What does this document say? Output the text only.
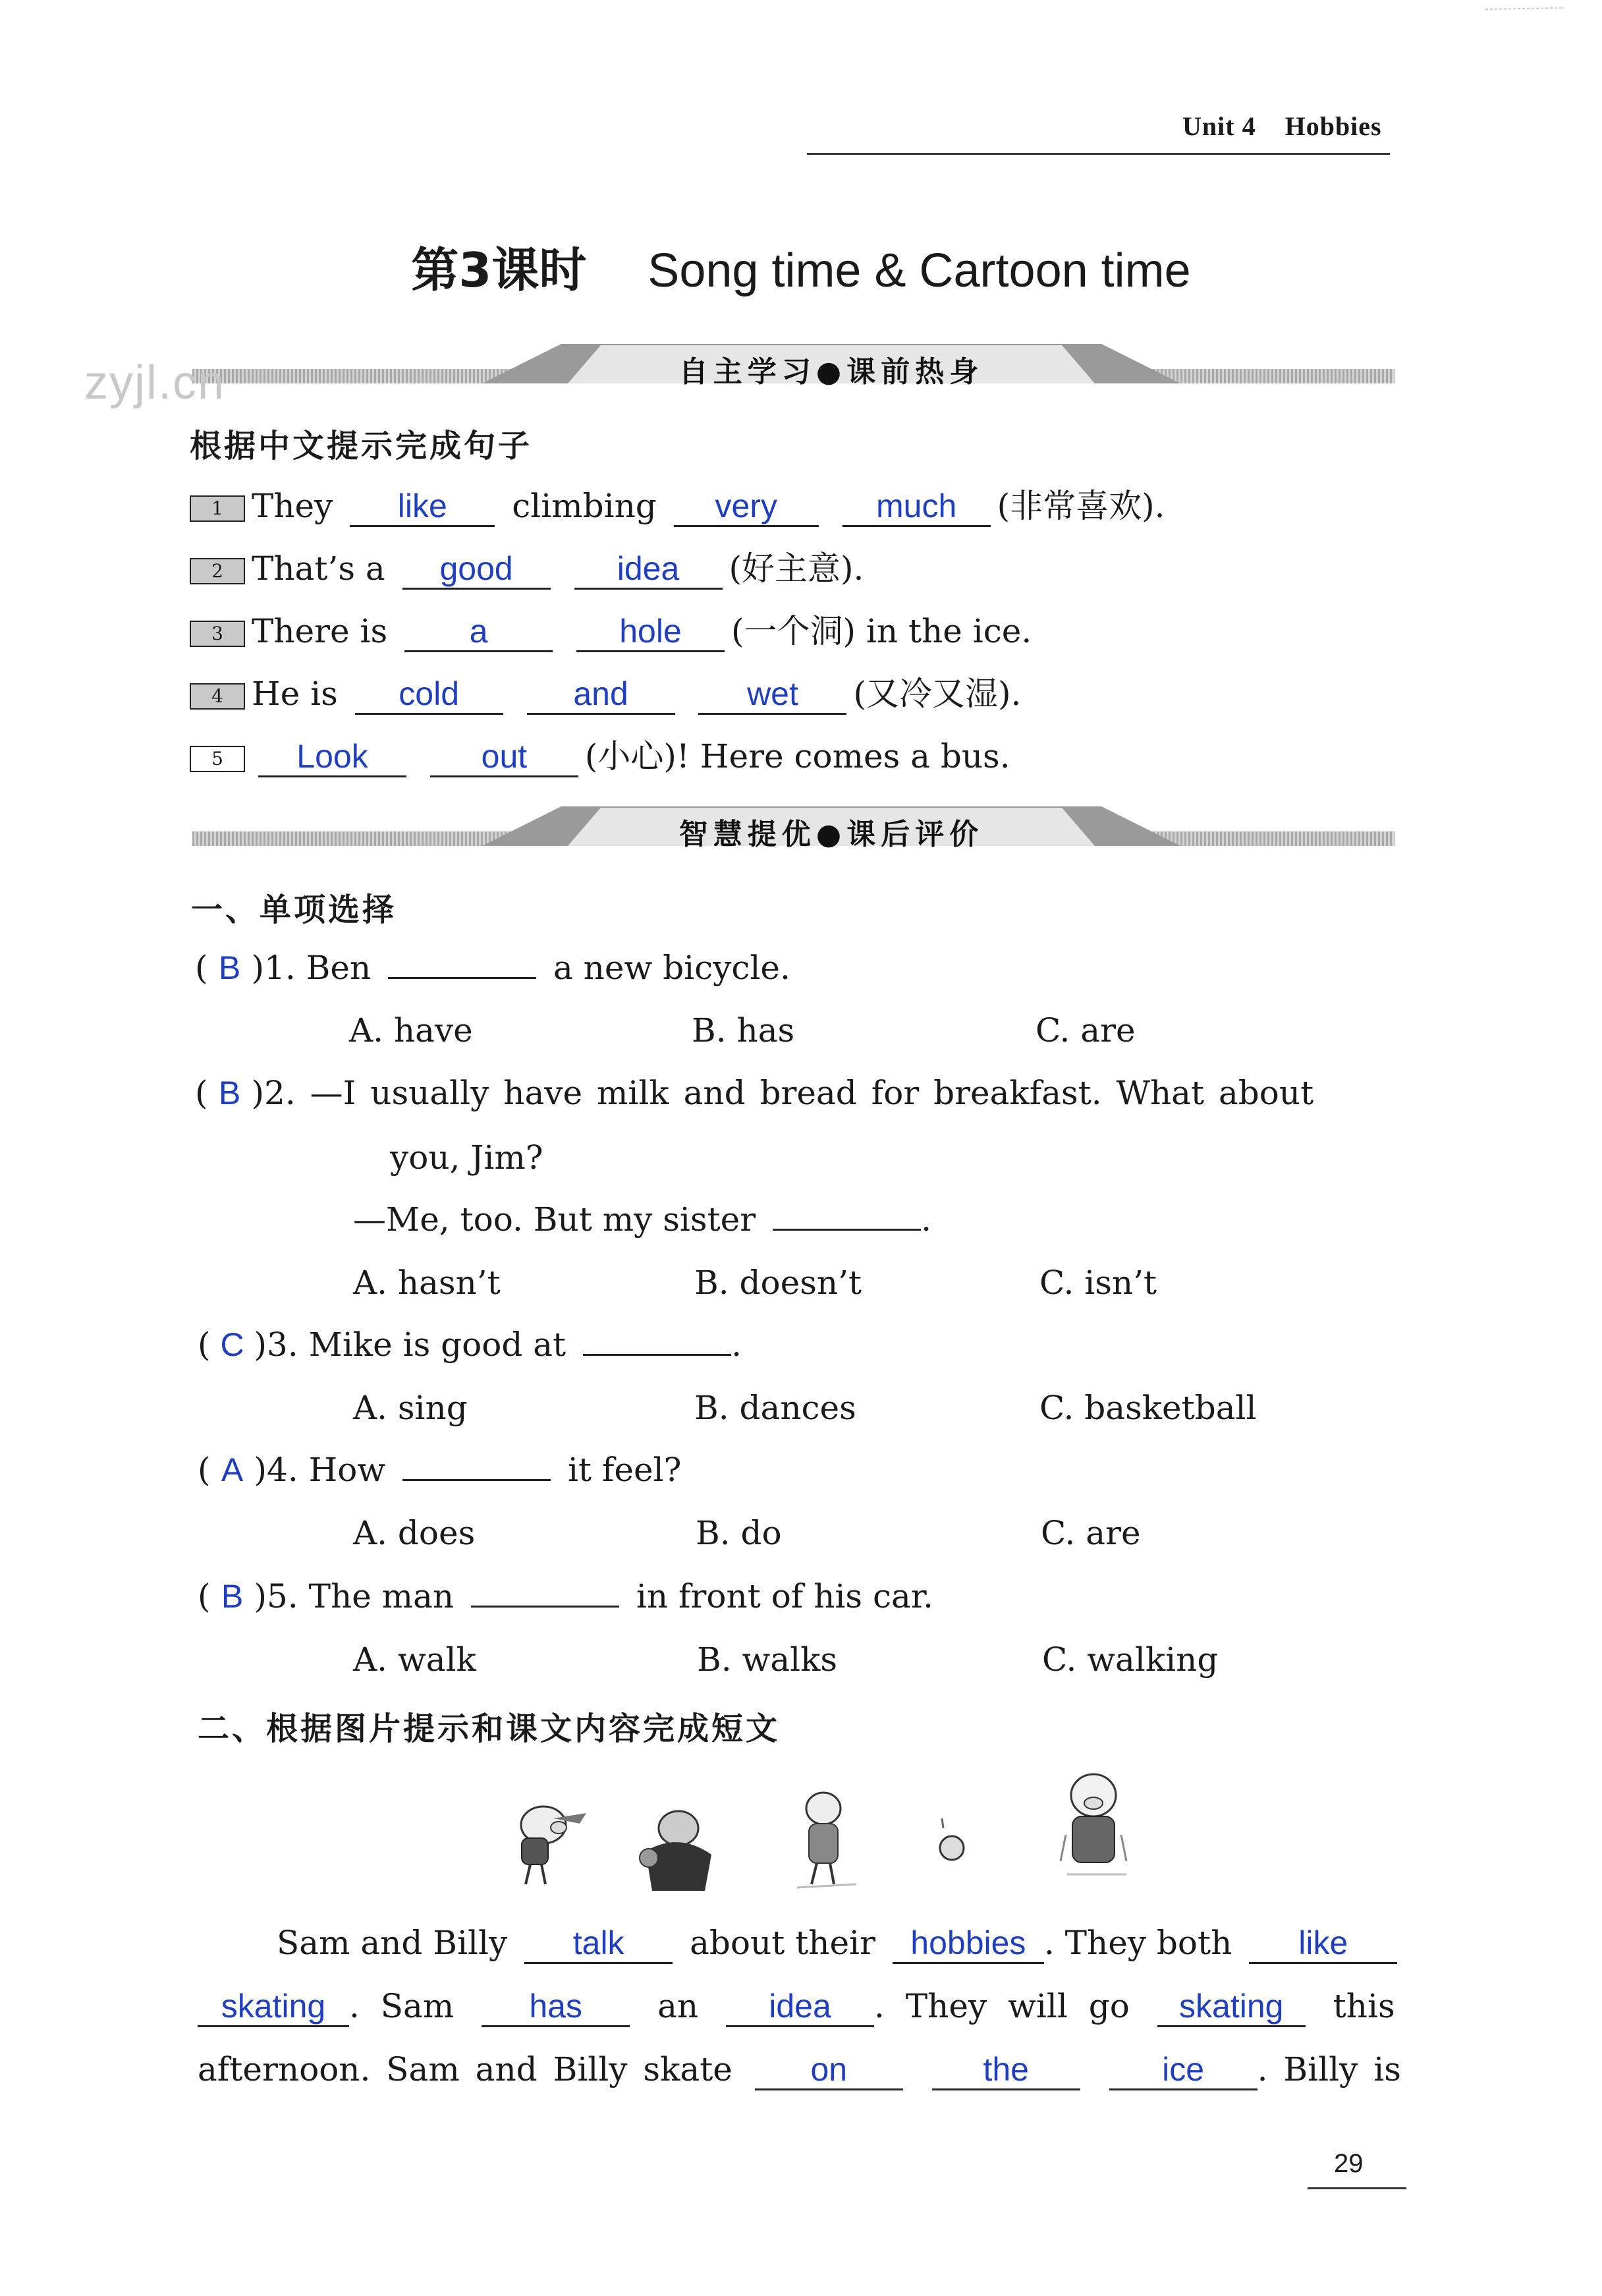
Unit 4 Hobbies
第3课时 Song time & Cartoon time
自主学习●课前热身
zyjl.cn
根据中文提示完成句子
1 They like climbing very	much (非常喜欢).
2 That’s a good	idea (好主意).
3 There is a	hole (一个洞) in the ice.
4 He is cold	and	wet (又冷又湿).
5 Look	out (小心)! Here comes a bus.
智慧提优●课后评价
一、单项选择
( B )1. Ben	a new bicycle.
A. have	B. has	C. are
( B )2. —I usually have milk and bread for breakfast. What about
you, Jim?
—Me, too. But my sister	.
A. hasn’t	B. doesn’t	C. isn’t
( C )3. Mike is good at	.
A. sing	B. dances	C. basketball
( A )4. How	it feel?
A. does	B. do	C. are
( B )5. The man	in front of his car.
A. walk	B. walks	C. walking
二、根据图片提示和课文内容完成短文
Sam and Billy talk about their hobbies . They both like
skating . Sam has an idea . They will go skating this
afternoon. Sam and Billy skate on	the	ice . Billy is
29
